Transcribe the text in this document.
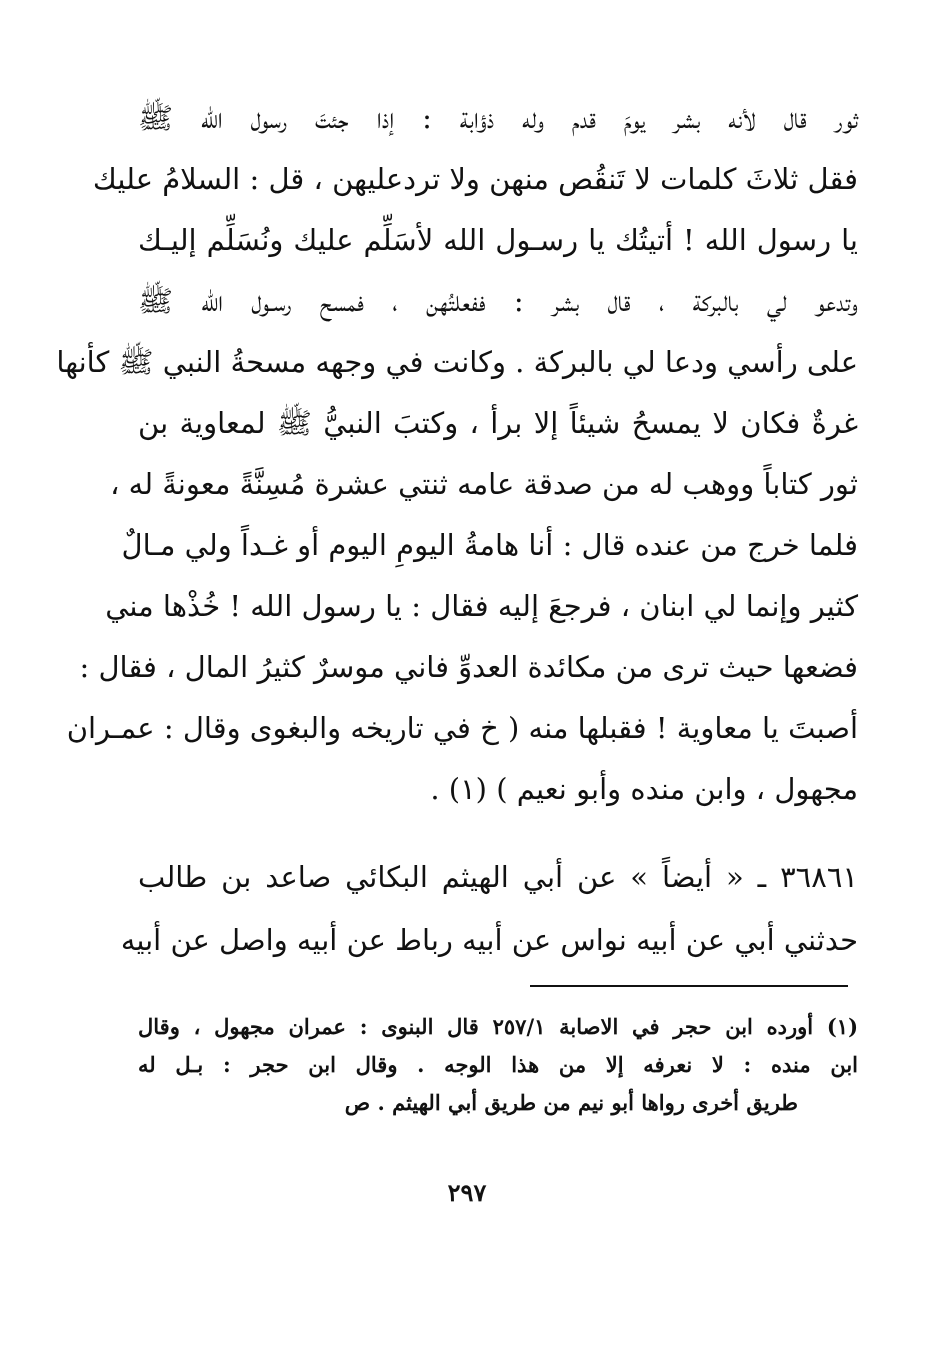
ثور قال لأنه بشر يومَ قدم وله ذؤابة : إذا جئتَ رسول الله ﷺ
فقل ثلاثَ كلمات لا تَنقُص منهن ولا تردعليهن ، قل : السلامُ عليك
يا رسول الله ! أتيتُك يا رسـول الله لأسَلِّم عليك ونُسَلِّم إليـك
وتدعو لي بالبركة ، قال بشر : ففعلتُهن ، فمسح رسـول الله ﷺ
على رأسي ودعا لي بالبركة . وكانت في وجهه مسحةُ النبي ﷺ كأنها
غرةٌ فكان لا يمسحُ شيئاً إلا برأ ، وكتبَ النبيُّ ﷺ لمعاوية بن
ثور كتاباً ووهب له من صدقة عامه ثنتي عشرة مُسِنَّةً معونةً له ،
فلما خرج من عنده قال : أنا هامةُ اليومِ اليوم أو غـداً ولي مـالٌ
كثير وإنما لي ابنان ، فرجعَ إليه فقال : يا رسول الله ! خُذْها مني
فضعها حيث ترى من مكائدة العدوِّ فاني موسرٌ كثيرُ المال ، فقال :
أصبتَ يا معاوية ! فقبلها منه ( خ في تاريخه والبغوى وقال : عمـران
مجهول ، وابن منده وأبو نعيم ) (١) .
٣٦٨٦١ ـ « أيضاً » عن أبي الهيثم البكائي صاعد بن طالب
حدثني أبي عن أبيه نواس عن أبيه رباط عن أبيه واصل عن أبيه
(١) أورده ابن حجر في الاصابة ٢٥٧/١ قال البنوى : عمران مجهول ، وقال
ابن منده : لا نعرفه إلا من هذا الوجه . وقال ابن حجر : بـل له
طريق أخرى رواها أبو نيم من طريق أبي الهيثم . ص
٢٩٧
